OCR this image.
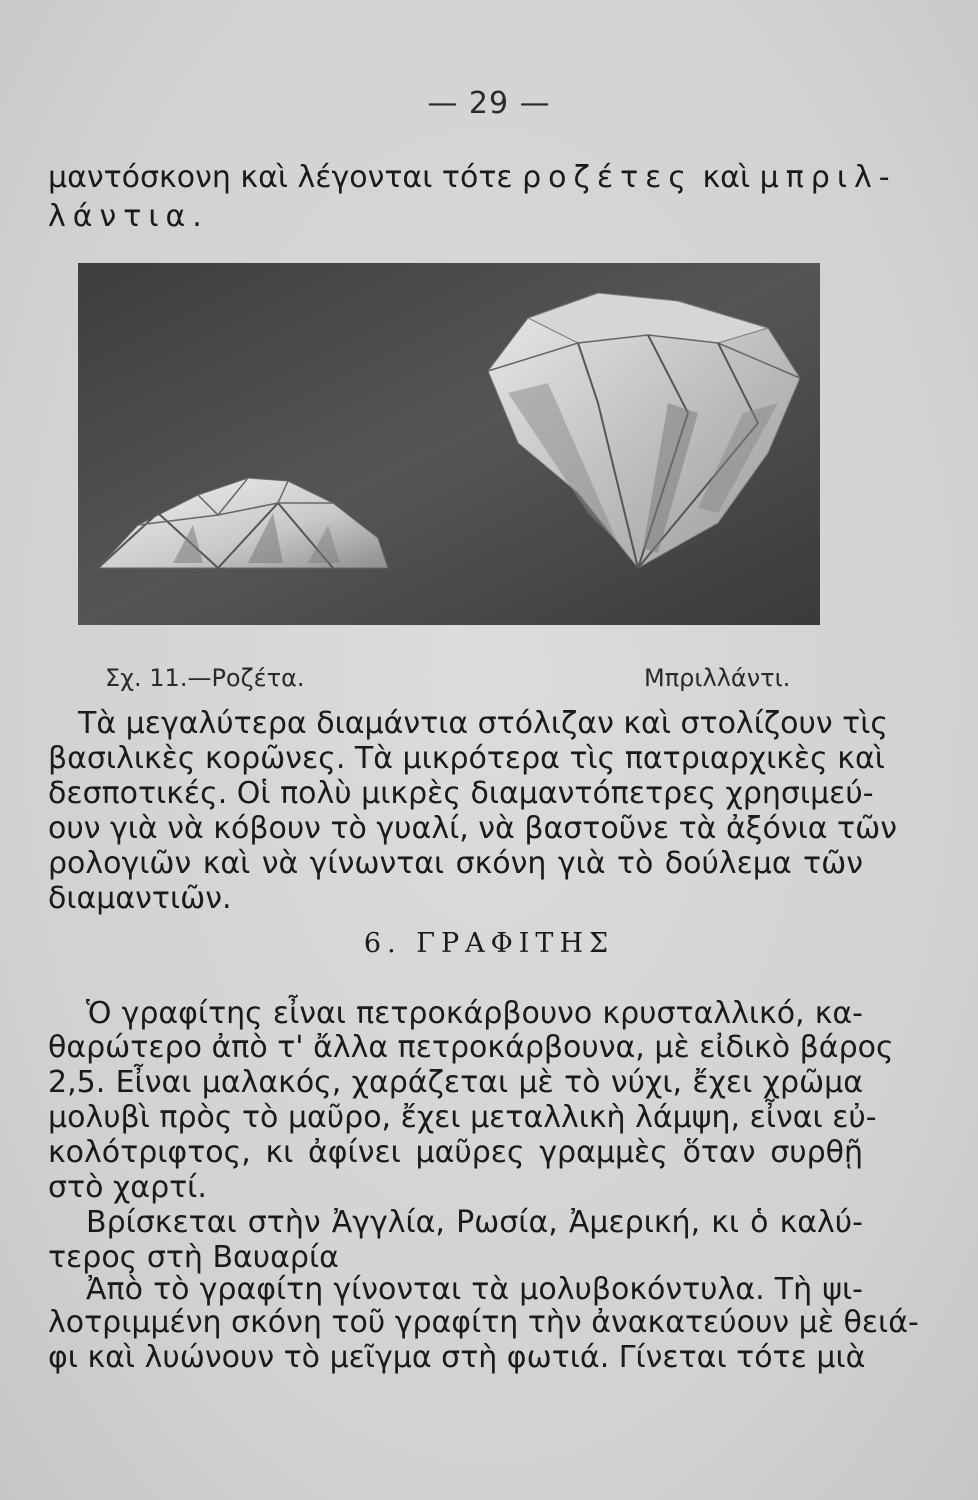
— 29 —
μαντόσκονη καὶ λέγονται τότε ροζέτες καὶ μπριλ-
λάντια.
Σχ. 11.—Ροζέτα.	Μπριλλάντι.
Τὰ μεγαλύτερα διαμάντια στόλιζαν καὶ στολίζουν τὶς
βασιλικὲς κορῶνες. Τὰ μικρότερα τὶς πατριαρχικὲς καὶ
δεσποτικές. Οἱ πολὺ μικρὲς διαμαντόπετρες χρησιμεύ-
ουν γιὰ νὰ κόβουν τὸ γυαλί, νὰ βαστοῦνε τὰ ἀξόνια τῶν
ρολογιῶν καὶ νὰ γίνωνται σκόνη γιὰ τὸ δούλεμα τῶν
διαμαντιῶν.
6. ΓΡΑΦΙΤΗΣ
Ὁ γραφίτης εἶναι πετροκάρβουνο κρυσταλλικό, κα-
θαρώτερο ἀπὸ τ' ἄλλα πετροκάρβουνα, μὲ εἰδικὸ βάρος
2,5. Εἶναι μαλακός, χαράζεται μὲ τὸ νύχι, ἔχει χρῶμα
μολυβὶ πρὸς τὸ μαῦρο, ἔχει μεταλλικὴ λάμψη, εἶναι εὐ-
κολότριφτος, κι ἀφίνει μαῦρες γραμμὲς ὅταν συρθῇ
στὸ χαρτί.
Βρίσκεται στὴν Ἀγγλία, Ρωσία, Ἀμερική, κι ὁ καλύ-
τερος στὴ Βαυαρία
Ἀπὸ τὸ γραφίτη γίνονται τὰ μολυβοκόντυλα. Τὴ ψι-
λοτριμμένη σκόνη τοῦ γραφίτη τὴν ἀνακατεύουν μὲ θειά-
φι καὶ λυώνουν τὸ μεῖγμα στὴ φωτιά. Γίνεται τότε μιὰ
